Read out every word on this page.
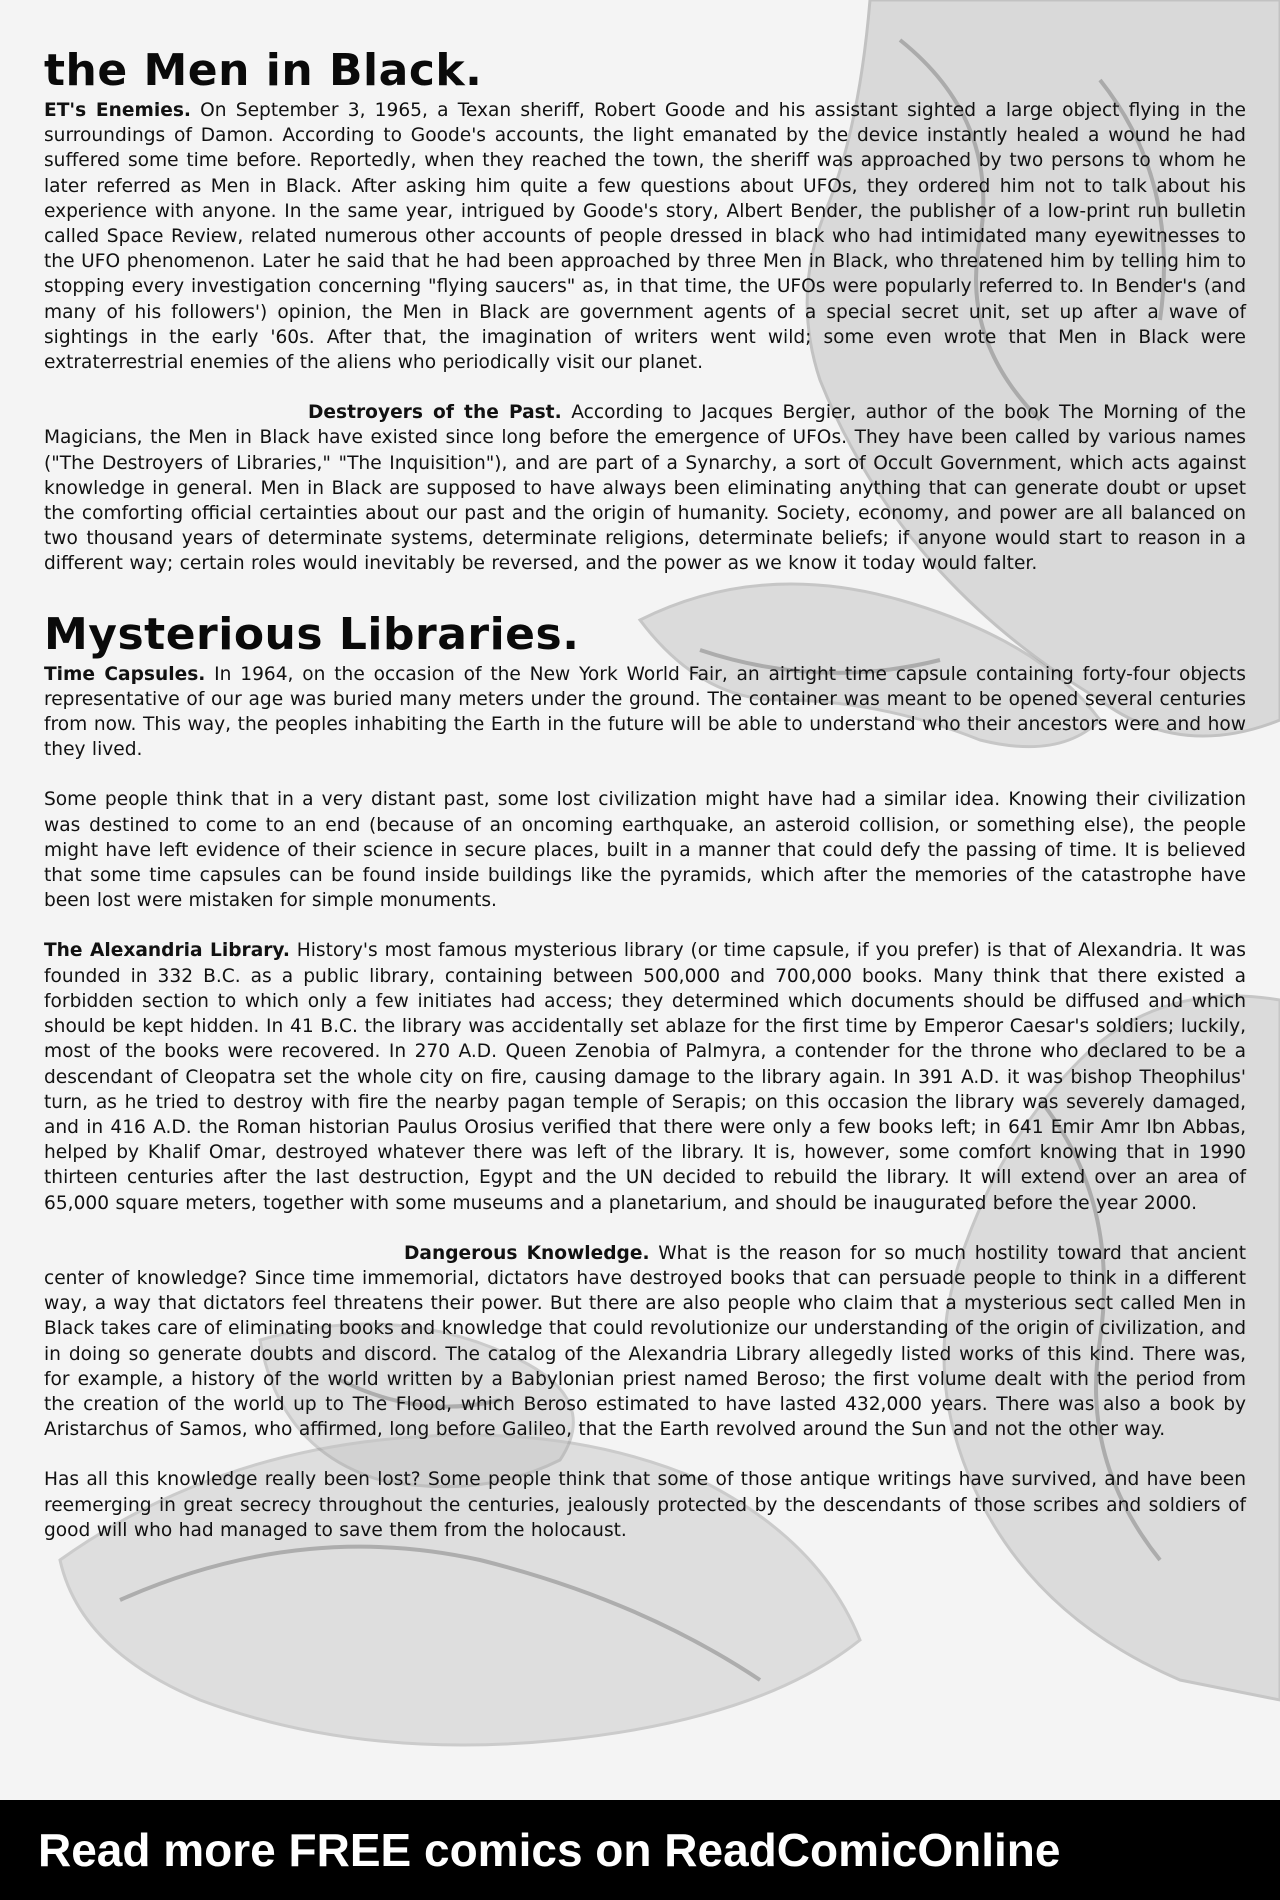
the Men in Black.

ET's Enemies. On September 3, 1965, a Texan sheriff, Robert Goode and his assistant sighted a large object flying in the surroundings of Damon. According to Goode's accounts, the light emanated by the device instantly healed a wound he had suffered some time before. Reportedly, when they reached the town, the sheriff was approached by two persons to whom he later referred as Men in Black. After asking him quite a few questions about UFOs, they ordered him not to talk about his experience with anyone. In the same year, intrigued by Goode's story, Albert Bender, the publisher of a low-print run bulletin called Space Review, related numerous other accounts of people dressed in black who had intimidated many eyewitnesses to the UFO phenomenon. Later he said that he had been approached by three Men in Black, who threatened him by telling him to stopping every investigation concerning "flying saucers" as, in that time, the UFOs were popularly referred to. In Bender's (and many of his followers') opinion, the Men in Black are government agents of a special secret unit, set up after a wave of sightings in the early '60s. After that, the imagination of writers went wild; some even wrote that Men in Black were extraterrestrial enemies of the aliens who periodically visit our planet.

Destroyers of the Past. According to Jacques Bergier, author of the book The Morning of the Magicians, the Men in Black have existed since long before the emergence of UFOs. They have been called by various names ("The Destroyers of Libraries," "The Inquisition"), and are part of a Synarchy, a sort of Occult Government, which acts against knowledge in general. Men in Black are supposed to have always been eliminating anything that can generate doubt or upset the comforting official certainties about our past and the origin of humanity. Society, economy, and power are all balanced on two thousand years of determinate systems, determinate religions, determinate beliefs; if anyone would start to reason in a different way; certain roles would inevitably be reversed, and the power as we know it today would falter.

Mysterious Libraries.

Time Capsules. In 1964, on the occasion of the New York World Fair, an airtight time capsule containing forty-four objects representative of our age was buried many meters under the ground. The container was meant to be opened several centuries from now. This way, the peoples inhabiting the Earth in the future will be able to understand who their ancestors were and how they lived.

Some people think that in a very distant past, some lost civilization might have had a similar idea. Knowing their civilization was destined to come to an end (because of an oncoming earthquake, an asteroid collision, or something else), the people might have left evidence of their science in secure places, built in a manner that could defy the passing of time. It is believed that some time capsules can be found inside buildings like the pyramids, which after the memories of the catastrophe have been lost were mistaken for simple monuments.

The Alexandria Library. History's most famous mysterious library (or time capsule, if you prefer) is that of Alexandria. It was founded in 332 B.C. as a public library, containing between 500,000 and 700,000 books. Many think that there existed a forbidden section to which only a few initiates had access; they determined which documents should be diffused and which should be kept hidden. In 41 B.C. the library was accidentally set ablaze for the first time by Emperor Caesar's soldiers; luckily, most of the books were recovered. In 270 A.D. Queen Zenobia of Palmyra, a contender for the throne who declared to be a descendant of Cleopatra set the whole city on fire, causing damage to the library again. In 391 A.D. it was bishop Theophilus' turn, as he tried to destroy with fire the nearby pagan temple of Serapis; on this occasion the library was severely damaged, and in 416 A.D. the Roman historian Paulus Orosius verified that there were only a few books left; in 641 Emir Amr Ibn Abbas, helped by Khalif Omar, destroyed whatever there was left of the library. It is, however, some comfort knowing that in 1990 thirteen centuries after the last destruction, Egypt and the UN decided to rebuild the library. It will extend over an area of 65,000 square meters, together with some museums and a planetarium, and should be inaugurated before the year 2000.

Dangerous Knowledge. What is the reason for so much hostility toward that ancient center of knowledge? Since time immemorial, dictators have destroyed books that can persuade people to think in a different way, a way that dictators feel threatens their power. But there are also people who claim that a mysterious sect called Men in Black takes care of eliminating books and knowledge that could revolutionize our understanding of the origin of civilization, and in doing so generate doubts and discord. The catalog of the Alexandria Library allegedly listed works of this kind. There was, for example, a history of the world written by a Babylonian priest named Beroso; the first volume dealt with the period from the creation of the world up to The Flood, which Beroso estimated to have lasted 432,000 years. There was also a book by Aristarchus of Samos, who affirmed, long before Galileo, that the Earth revolved around the Sun and not the other way.

Has all this knowledge really been lost? Some people think that some of those antique writings have survived, and have been reemerging in great secrecy throughout the centuries, jealously protected by the descendants of those scribes and soldiers of good will who had managed to save them from the holocaust.

Read more FREE comics on ReadComicOnline
